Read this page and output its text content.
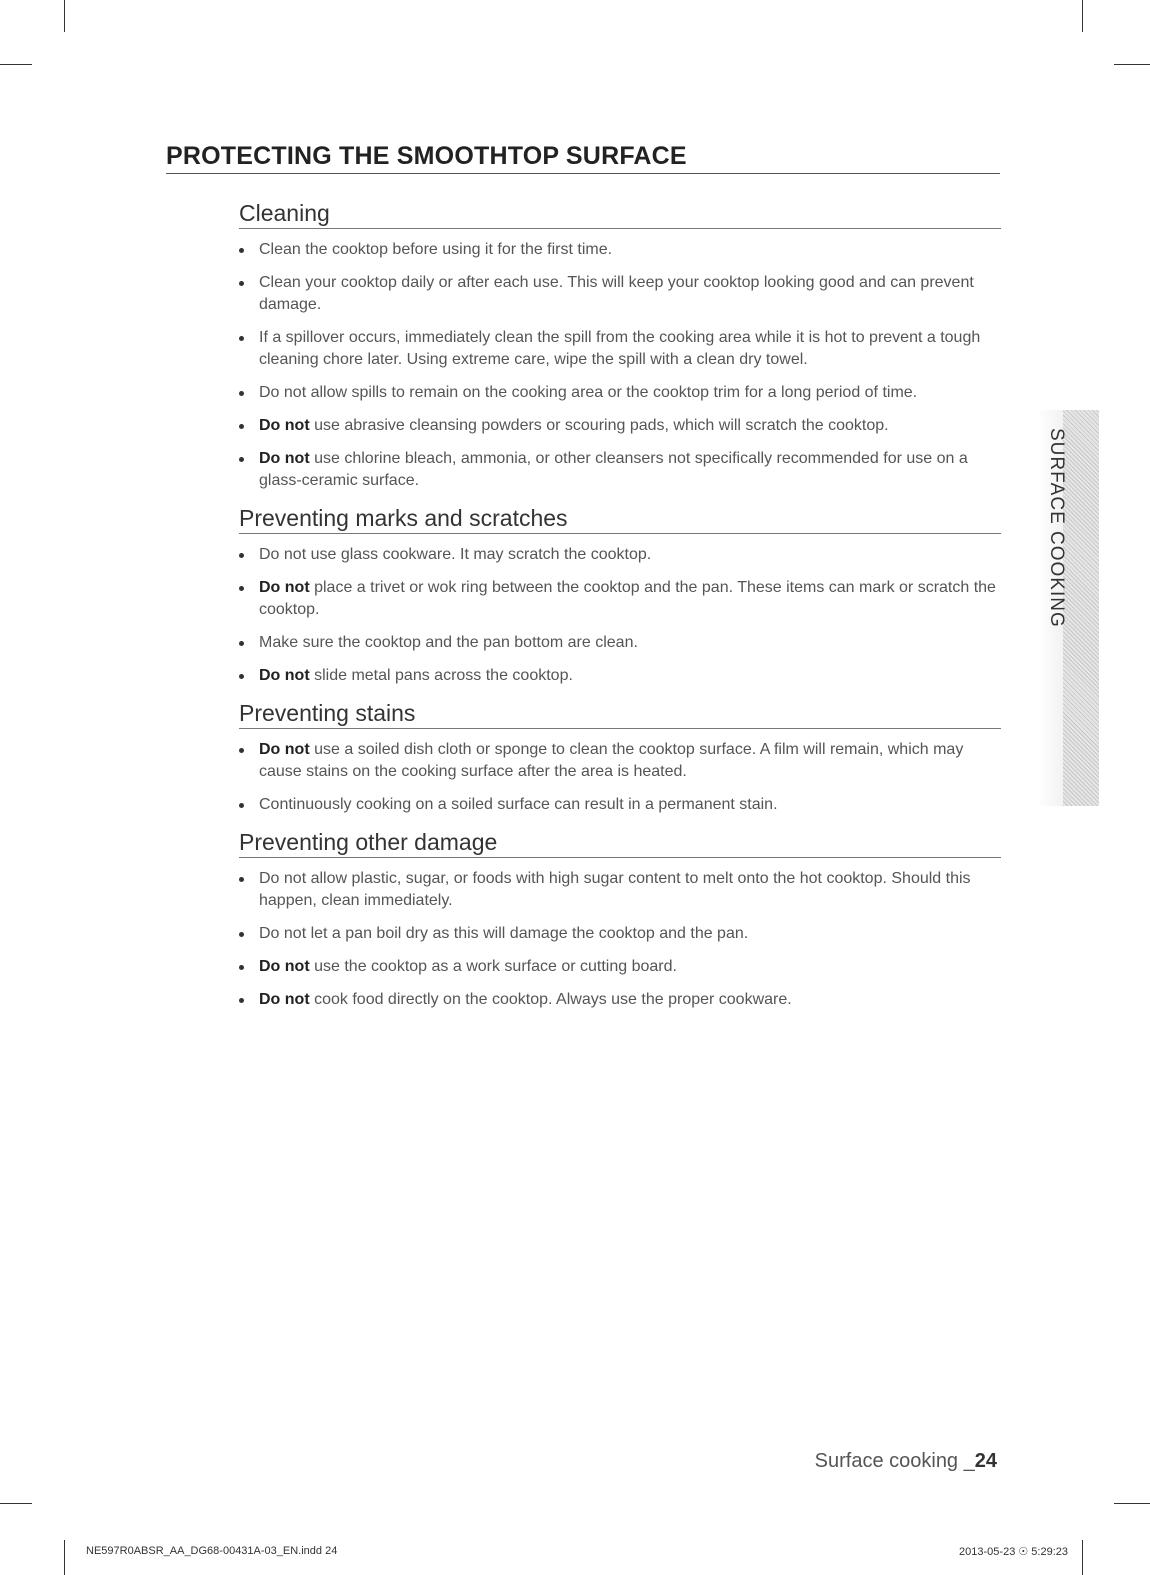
PROTECTING THE SMOOTHTOP SURFACE
Cleaning
Clean the cooktop before using it for the first time.
Clean your cooktop daily or after each use. This will keep your cooktop looking good and can prevent damage.
If a spillover occurs, immediately clean the spill from the cooking area while it is hot to prevent a tough cleaning chore later. Using extreme care, wipe the spill with a clean dry towel.
Do not allow spills to remain on the cooking area or the cooktop trim for a long period of time.
Do not use abrasive cleansing powders or scouring pads, which will scratch the cooktop.
Do not use chlorine bleach, ammonia, or other cleansers not specifically recommended for use on a glass-ceramic surface.
Preventing marks and scratches
Do not use glass cookware. It may scratch the cooktop.
Do not place a trivet or wok ring between the cooktop and the pan. These items can mark or scratch the cooktop.
Make sure the cooktop and the pan bottom are clean.
Do not slide metal pans across the cooktop.
Preventing stains
Do not use a soiled dish cloth or sponge to clean the cooktop surface. A film will remain, which may cause stains on the cooking surface after the area is heated.
Continuously cooking on a soiled surface can result in a permanent stain.
Preventing other damage
Do not allow plastic, sugar, or foods with high sugar content to melt onto the hot cooktop. Should this happen, clean immediately.
Do not let a pan boil dry as this will damage the cooktop and the pan.
Do not use the cooktop as a work surface or cutting board.
Do not cook food directly on the cooktop. Always use the proper cookware.
SURFACE COOKING
Surface cooking _24
NE597R0ABSR_AA_DG68-00431A-03_EN.indd 24	2013-05-23 ☉ 5:29:23
